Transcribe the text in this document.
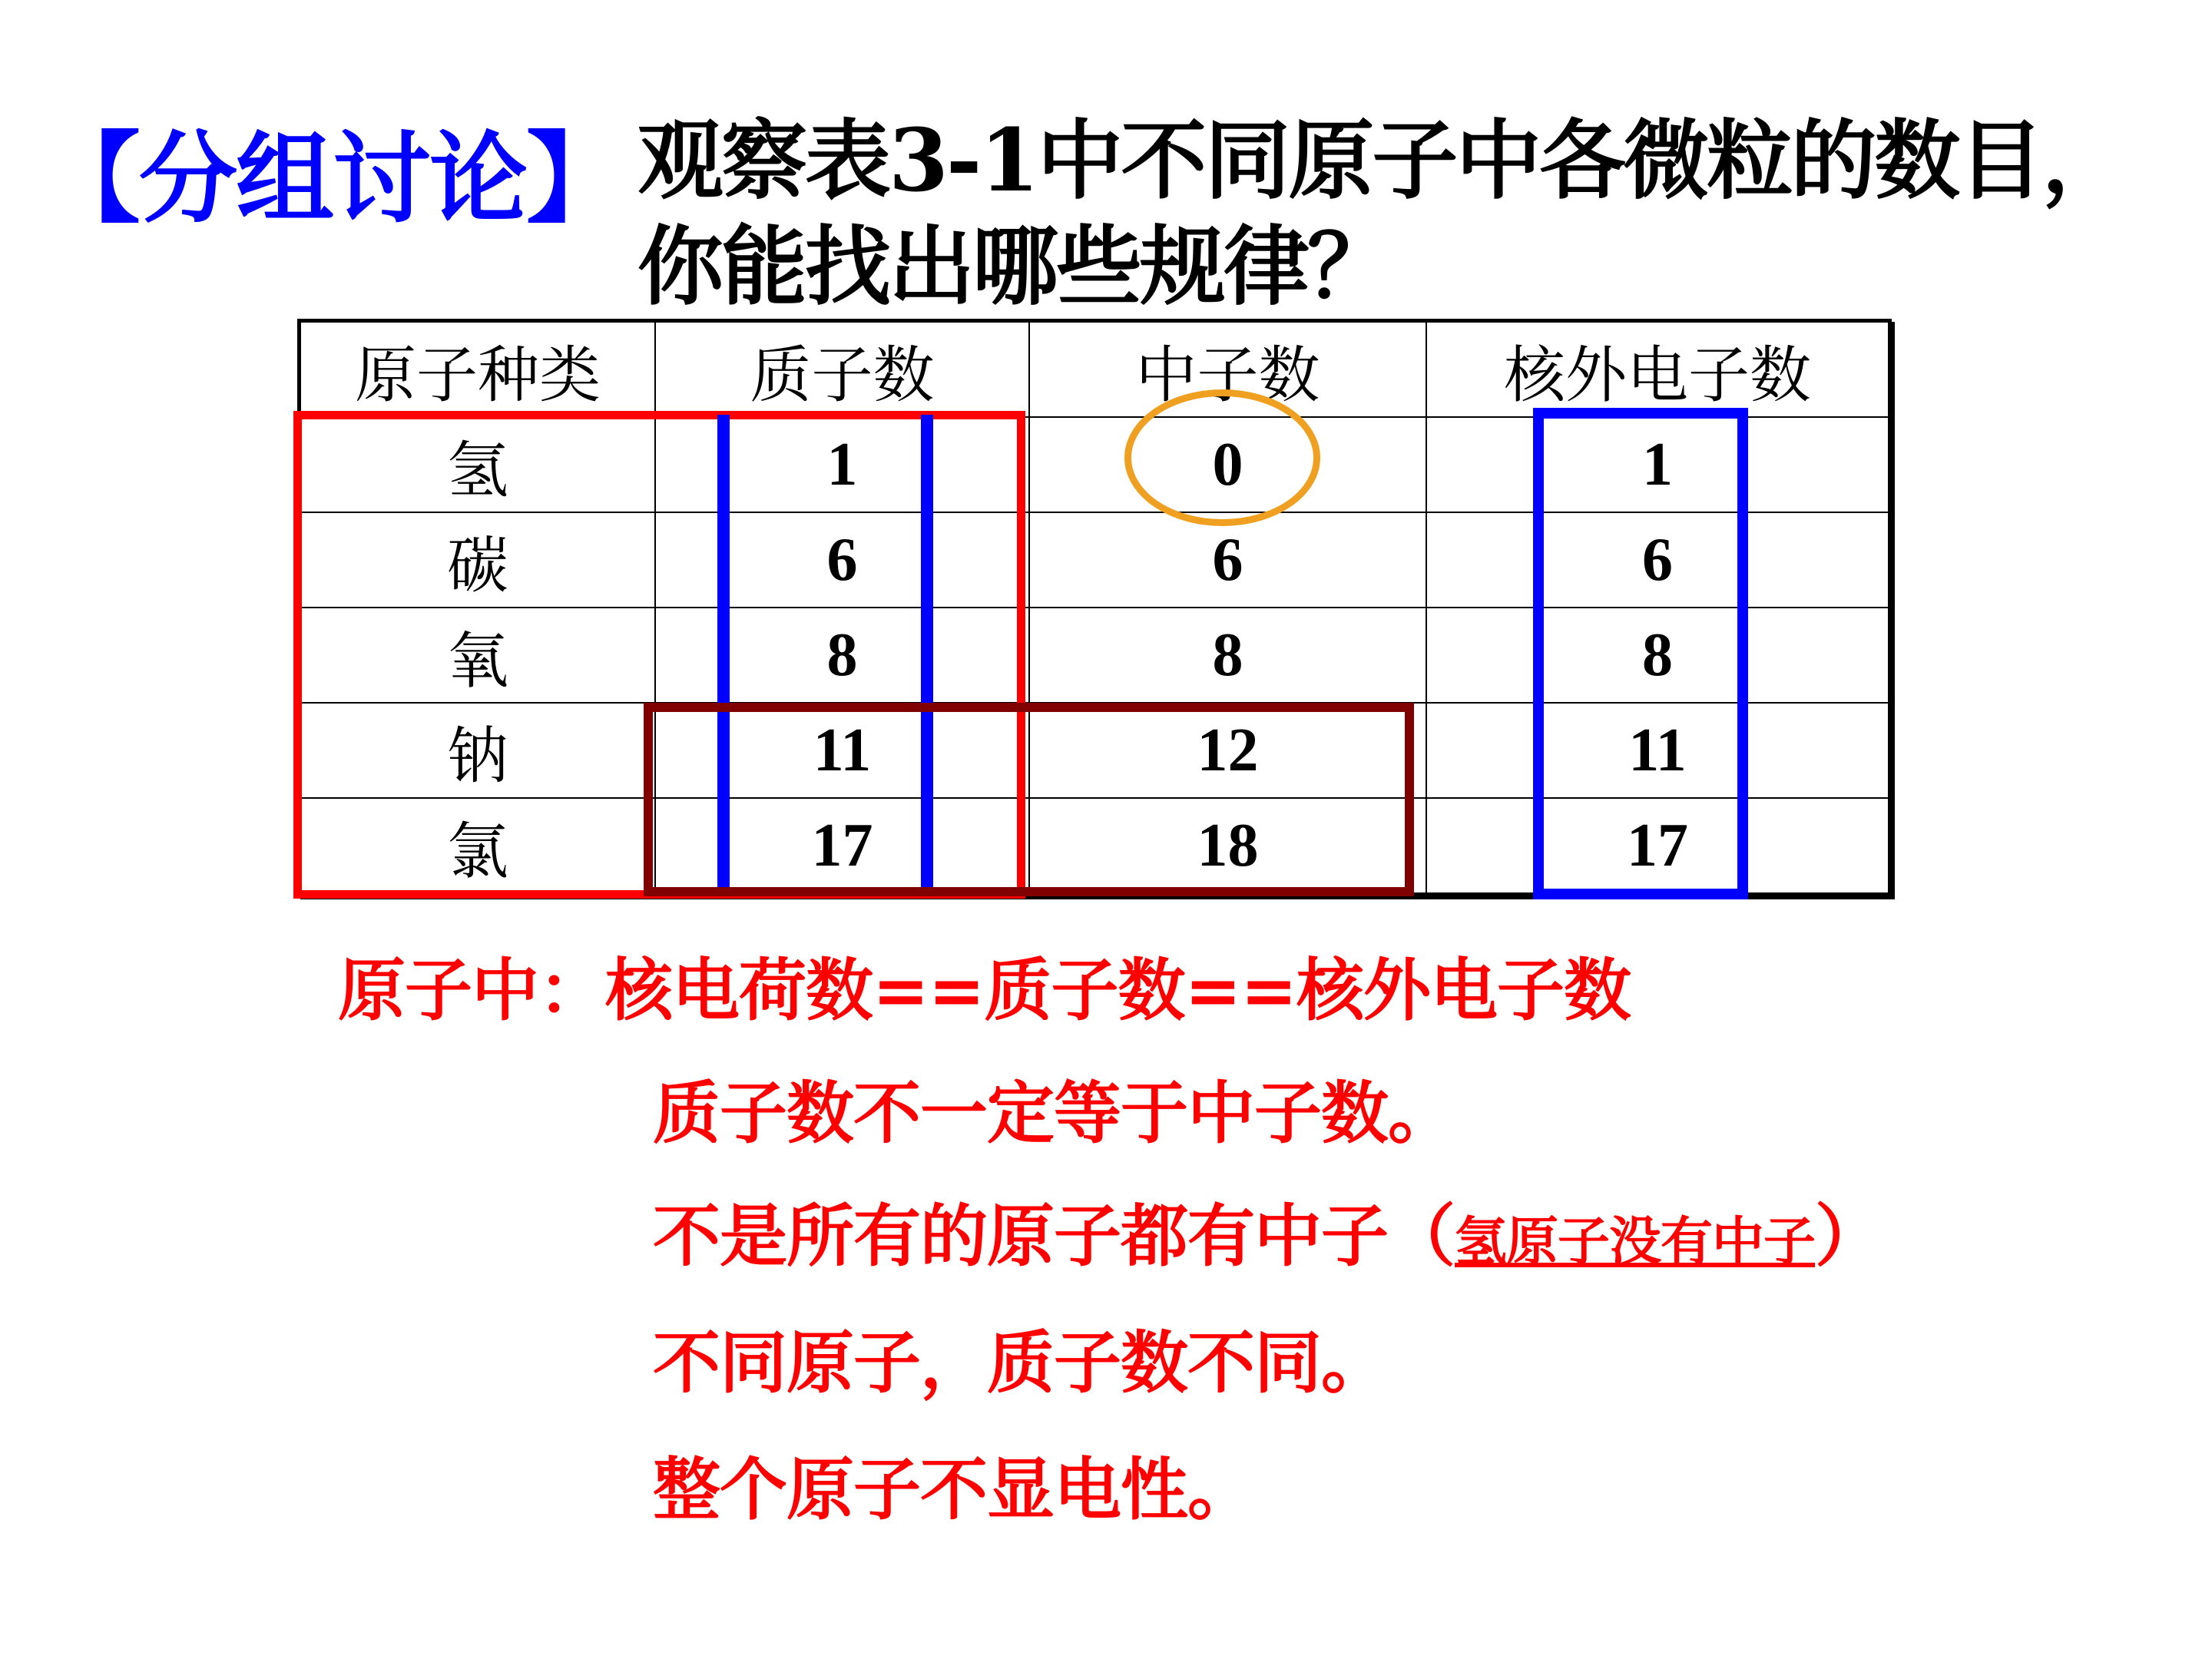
【分组讨论】 观察表3-1中不同原子中各微粒的数目，
你能找出哪些规律？
原子种类	质子数	中子数	核外电子数
氢	1	0	1
碳	6	6	6
氧	8	8	8
钠	11	12	11
氯	17	18	17
原子中：核电荷数==质子数==核外电子数
质子数不一定等于中子数。
不是所有的原子都有中子（氢原子没有中子）
不同原子，质子数不同。
整个原子不显电性。
